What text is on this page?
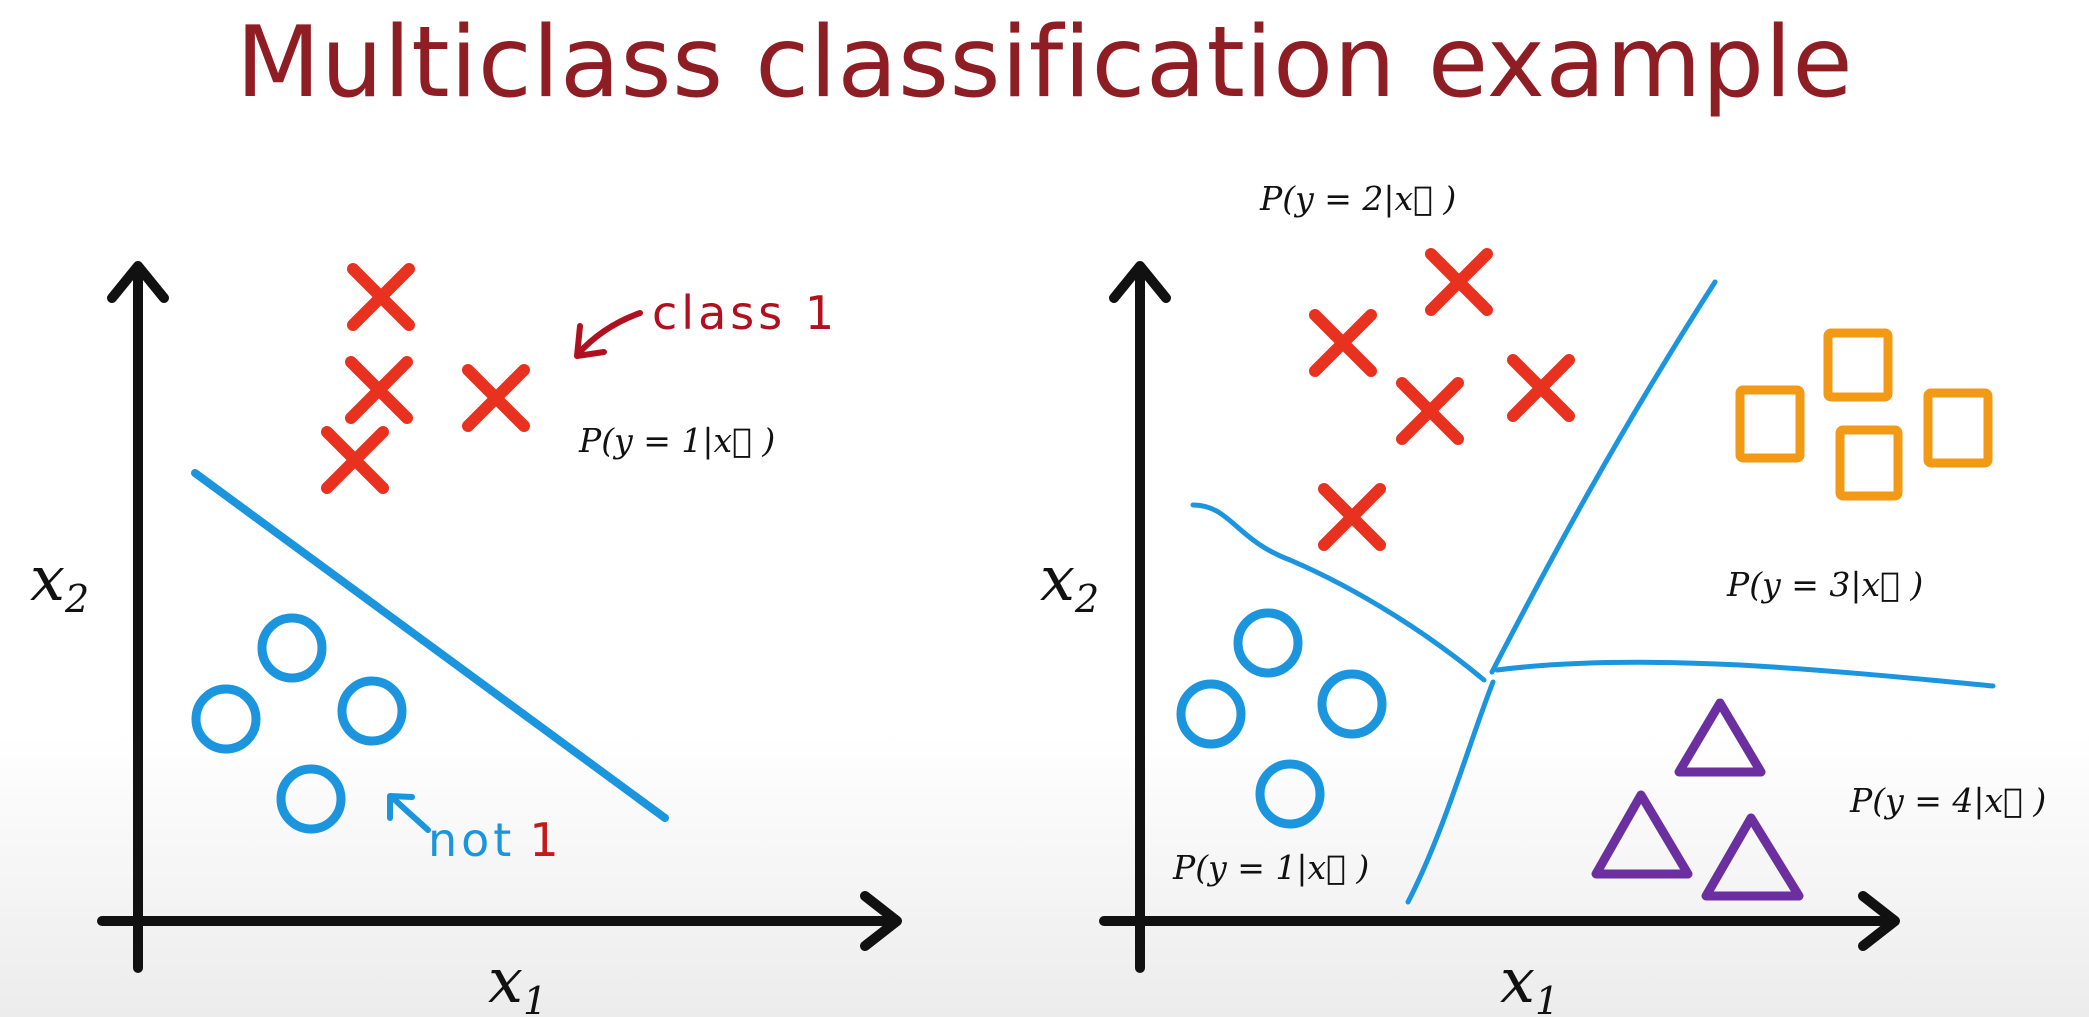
Multiclass classification example
x1
x2
class 1
not 1
P(y = 1|x⃗ )
x1
x2
P(y = 2|x⃗ )
P(y = 3|x⃗ )
P(y = 4|x⃗ )
P(y = 1|x⃗ )
